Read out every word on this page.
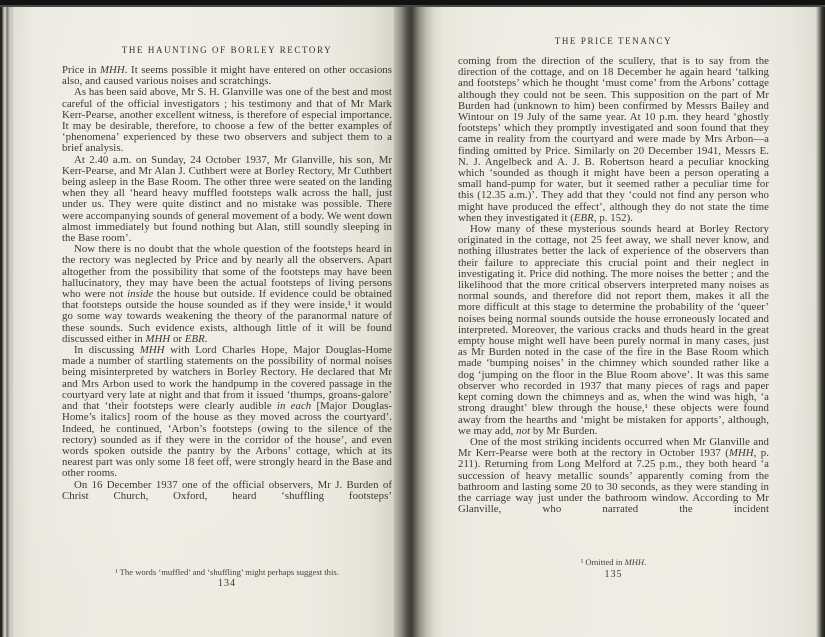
THE HAUNTING OF BORLEY RECTORY

Price in MHH. It seems possible it might have entered on other occasions also, and caused various noises and scratchings.

As has been said above, Mr S. H. Glanville was one of the best and most careful of the official investigators ; his testimony and that of Mr Mark Kerr-Pearse, another excellent witness, is therefore of especial importance. It may be desirable, therefore, to choose a few of the better examples of ‘phenomena’ experienced by these two observers and subject them to a brief analysis.

At 2.40 a.m. on Sunday, 24 October 1937, Mr Glanville, his son, Mr Kerr-Pearse, and Mr Alan J. Cuthbert were at Borley Rectory, Mr Cuthbert being asleep in the Base Room. The other three were seated on the landing when they all ‘heard heavy muffled footsteps walk across the hall, just under us. They were quite distinct and no mistake was possible. There were accompanying sounds of general movement of a body. We went down almost immediately but found nothing but Alan, still soundly sleeping in the Base room’.

Now there is no doubt that the whole question of the footsteps heard in the rectory was neglected by Price and by nearly all the observers. Apart altogether from the possibility that some of the footsteps may have been hallucinatory, they may have been the actual footsteps of living persons who were not inside the house but outside. If evidence could be obtained that footsteps outside the house sounded as if they were inside,¹ it would go some way towards weakening the theory of the paranormal nature of these sounds. Such evidence exists, although little of it will be found discussed either in MHH or EBR.

In discussing MHH with Lord Charles Hope, Major Douglas-Home made a number of startling statements on the possibility of normal noises being misinterpreted by watchers in Borley Rectory. He declared that Mr and Mrs Arbon used to work the handpump in the covered passage in the courtyard very late at night and that from it issued ‘thumps, groans-galore’ and that ‘their footsteps were clearly audible in each [Major Douglas-Home’s italics] room of the house as they moved across the courtyard’. Indeed, he continued, ‘Arbon’s footsteps (owing to the silence of the rectory) sounded as if they were in the corridor of the house’, and even words spoken outside the pantry by the Arbons’ cottage, which at its nearest part was only some 18 feet off, were strongly heard in the Base and other rooms.

On 16 December 1937 one of the official observers, Mr J. Burden of Christ Church, Oxford, heard ‘shuffling footsteps’

¹ The words ‘muffled’ and ‘shuffling’ might perhaps suggest this.
134
THE PRICE TENANCY

coming from the direction of the scullery, that is to say from the direction of the cottage, and on 18 December he again heard ‘talking and footsteps’ which he thought ‘must come’ from the Arbons’ cottage although they could not be seen. This supposition on the part of Mr Burden had (unknown to him) been confirmed by Messrs Bailey and Wintour on 19 July of the same year. At 10 p.m. they heard ‘ghostly footsteps’ which they promptly investigated and soon found that they came in reality from the courtyard and were made by Mrs Arbon—a finding omitted by Price. Similarly on 20 December 1941, Messrs E. N. J. Angelbeck and A. J. B. Robertson heard a peculiar knocking which ‘sounded as though it might have been a person operating a small hand-pump for water, but it seemed rather a peculiar time for this (12.35 a.m.)’. They add that they ‘could not find any person who might have produced the effect’, although they do not state the time when they investigated it (EBR, p. 152).

How many of these mysterious sounds heard at Borley Rectory originated in the cottage, not 25 feet away, we shall never know, and nothing illustrates better the lack of experience of the observers than their failure to appreciate this crucial point and their neglect in investigating it. Price did nothing. The more noises the better ; and the likelihood that the more critical observers interpreted many noises as normal sounds, and therefore did not report them, makes it all the more difficult at this stage to determine the probability of the ‘queer’ noises being normal sounds outside the house erroneously located and interpreted. Moreover, the various cracks and thuds heard in the great empty house might well have been purely normal in many cases, just as Mr Burden noted in the case of the fire in the Base Room which made ‘bumping noises’ in the chimney which sounded rather like a dog ‘jumping on the floor in the Blue Room above’. It was this same observer who recorded in 1937 that many pieces of rags and paper kept coming down the chimneys and as, when the wind was high, ‘a strong draught’ blew through the house,¹ these objects were found away from the hearths and ‘might be mistaken for apports’, although, we may add, not by Mr Burden.

One of the most striking incidents occurred when Mr Glanville and Mr Kerr-Pearse were both at the rectory in October 1937 (MHH, p. 211). Returning from Long Melford at 7.25 p.m., they both heard ‘a succession of heavy metallic sounds’ apparently coming from the bathroom and lasting some 20 to 30 seconds, as they were standing in the carriage way just under the bathroom window. According to Mr Glanville, who narrated the incident

¹ Omitted in MHH.
135
